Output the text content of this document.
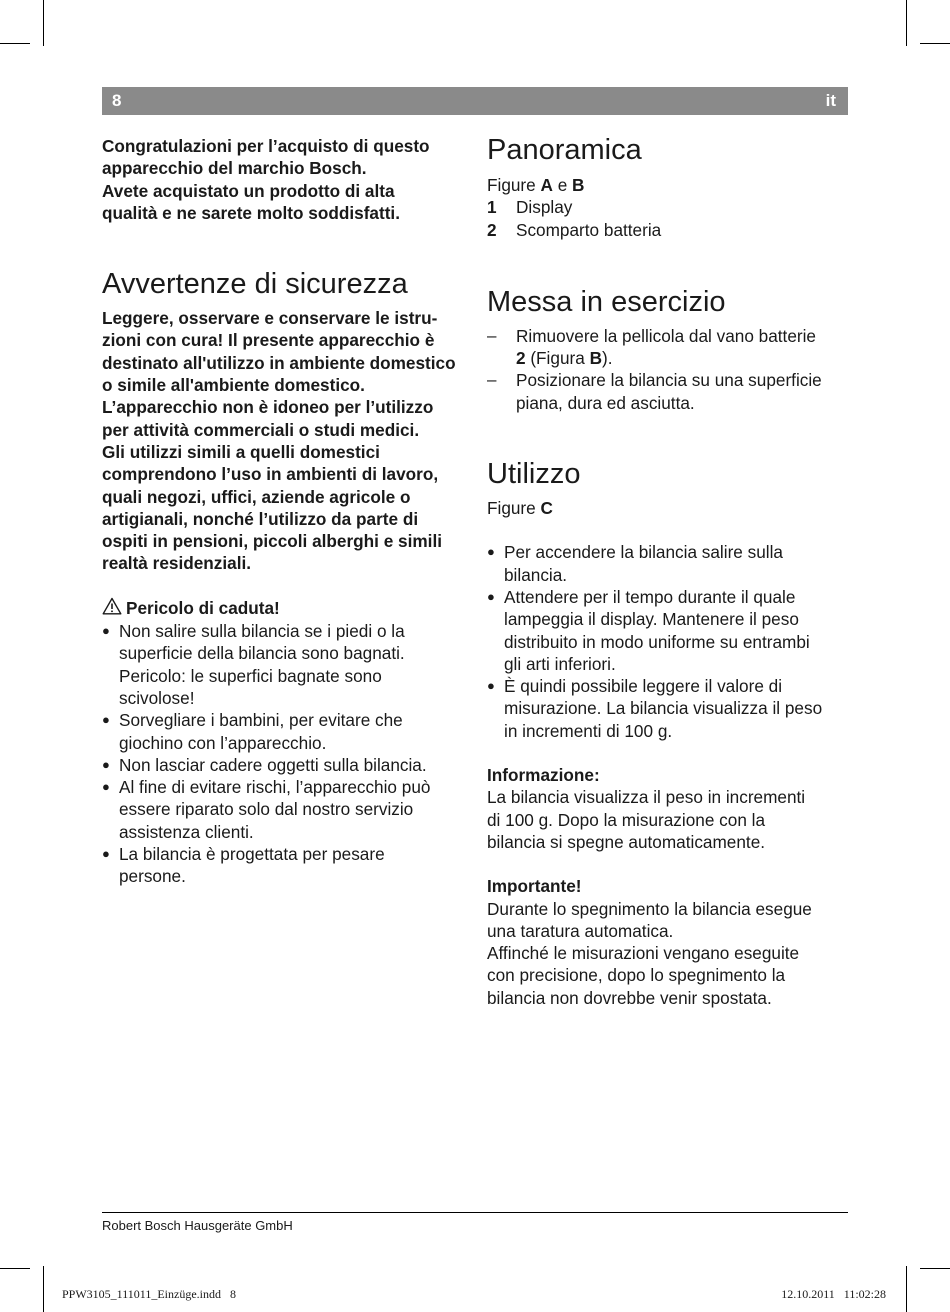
8	it
Congratulazioni per l’acquisto di questo
apparecchio del marchio Bosch.
Avete acquistato un prodotto di alta
qualità e ne sarete molto soddisfatti.
Avvertenze di sicurezza
Leggere, osservare e conservare le istru-
zioni con cura! Il presente apparecchio è
destinato all'utilizzo in ambiente domestico
o simile all'ambiente domestico.
L’apparecchio non è idoneo per l’utilizzo
per attività commerciali o studi medici.
Gli utilizzi simili a quelli domestici
comprendono l’uso in ambienti di lavoro,
quali negozi, uffici, aziende agricole o
artigianali, nonché l’utilizzo da parte di
ospiti in pensioni, piccoli alberghi e simili
realtà residenziali.
Pericolo di caduta!
● Non salire sulla bilancia se i piedi o la
superficie della bilancia sono bagnati.
Pericolo: le superfici bagnate sono
scivolose!
● Sorvegliare i bambini, per evitare che
giochino con l’apparecchio.
● Non lasciar cadere oggetti sulla bilancia.
● Al fine di evitare rischi, l’apparecchio può
essere riparato solo dal nostro servizio
assistenza clienti.
● La bilancia è progettata per pesare
persone.
Panoramica

Figure A e B

1	Display
2	Scomparto batteria
Messa in esercizio
– Rimuovere la pellicola dal vano batterie
2 (Figura B).
– Posizionare la bilancia su una superficie
piana, dura ed asciutta.
Utilizzo

Figure C

● Per accendere la bilancia salire sulla
bilancia.
● Attendere per il tempo durante il quale
lampeggia il display. Mantenere il peso
distribuito in modo uniforme su entrambi
gli arti inferiori.
● È quindi possibile leggere il valore di
misurazione. La bilancia visualizza il peso
in incrementi di 100 g.
Informazione:
La bilancia visualizza il peso in incrementi
di 100 g. Dopo la misurazione con la
bilancia si spegne automaticamente.
Importante!
Durante lo spegnimento la bilancia esegue
una taratura automatica.
Affinché le misurazioni vengano eseguite
con precisione, dopo lo spegnimento la
bilancia non dovrebbe venir spostata.
Robert Bosch Hausgeräte GmbH
PPW3105_111011_Einzüge.indd   8	12.10.2011   11:02:28
